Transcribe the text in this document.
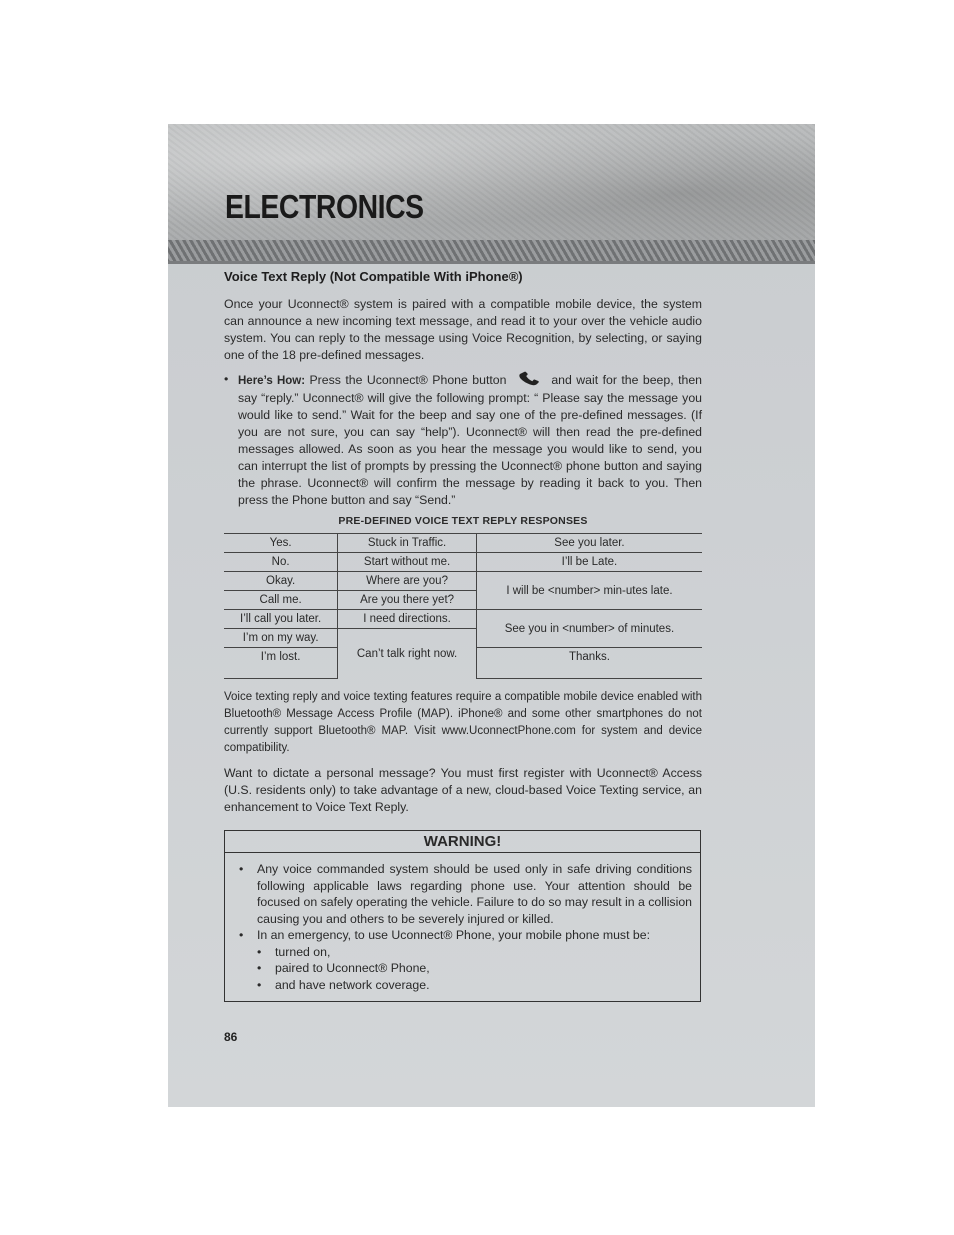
ELECTRONICS
Voice Text Reply (Not Compatible With iPhone®)

Once your Uconnect® system is paired with a compatible mobile device, the system can announce a new incoming text message, and read it to your over the vehicle audio system. You can reply to the message using Voice Recognition, by selecting, or saying one of the 18 pre-defined messages.

• Here’s How: Press the Uconnect® Phone button	and wait for the beep, then say “reply.” Uconnect® will give the following prompt: “ Please say the message you would like to send.” Wait for the beep and say one of the pre-defined messages. (If you are not sure, you can say “help”). Uconnect® will then read the pre-defined messages allowed. As soon as you hear the message you would like to send, you can interrupt the list of prompts by pressing the Uconnect® phone button and saying the phrase. Uconnect® will confirm the message by reading it back to you. Then press the Phone button and say “Send.”
PRE-DEFINED VOICE TEXT REPLY RESPONSES
Yes.	Stuck in Traffic.	See you later.
No.	Start without me.	I’ll be Late.
Okay.	Where are you?	I will be <number> min-utes late.
Call me.	Are you there yet?	
I’ll call you later.	I need directions.	See you in <number> of minutes.
I’m on my way.	Can’t talk right now.	
I’m lost.		Thanks.

Voice texting reply and voice texting features require a compatible mobile device enabled with Bluetooth® Message Access Profile (MAP). iPhone® and some other smartphones do not currently support Bluetooth® MAP. Visit www.UconnectPhone.com for system and device compatibility.

Want to dictate a personal message? You must first register with Uconnect® Access (U.S. residents only) to take advantage of a new, cloud-based Voice Texting service, an enhancement to Voice Text Reply.

WARNING!
•	Any voice commanded system should be used only in safe driving conditions following applicable laws regarding phone use. Your attention should be focused on safely operating the vehicle. Failure to do so may result in a collision causing you and others to be severely injured or killed.
•	In an emergency, to use Uconnect® Phone, your mobile phone must be:
•	turned on,
•	paired to Uconnect® Phone,
•	and have network coverage.
86
